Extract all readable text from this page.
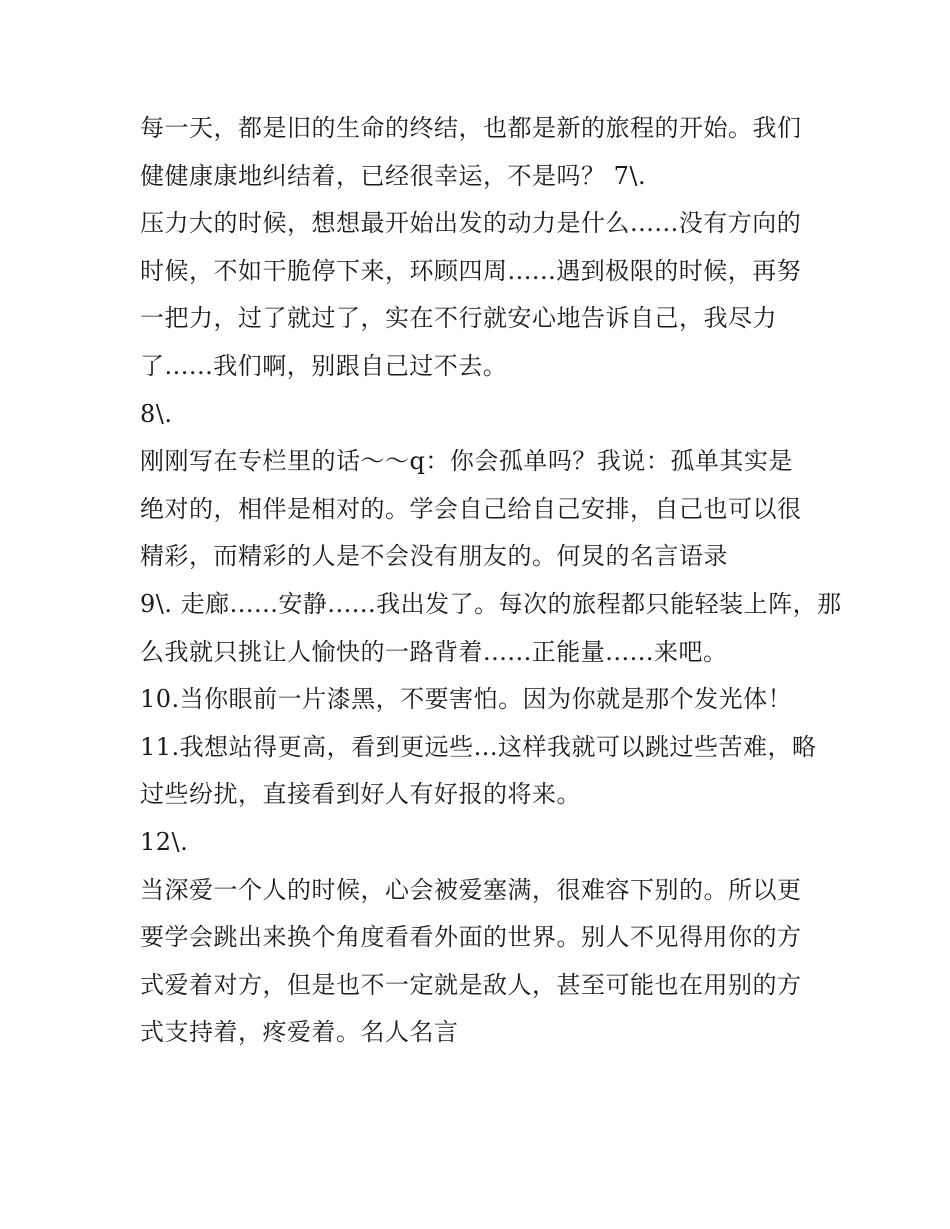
每一天，都是旧的生命的终结，也都是新的旅程的开始。我们
健健康康地纠结着，已经很幸运，不是吗？ 7\.
压力大的时候，想想最开始出发的动力是什么......没有方向的
时候，不如干脆停下来，环顾四周......遇到极限的时候，再努
一把力，过了就过了，实在不行就安心地告诉自己，我尽力
了......我们啊，别跟自己过不去。
8\.
刚刚写在专栏里的话～～q：你会孤单吗？我说：孤单其实是
绝对的，相伴是相对的。学会自己给自己安排，自己也可以很
精彩，而精彩的人是不会没有朋友的。何炅的名言语录
9\. 走廊......安静......我出发了。每次的旅程都只能轻装上阵，那
么我就只挑让人愉快的一路背着......正能量......来吧。
10.当你眼前一片漆黑，不要害怕。因为你就是那个发光体！
11.我想站得更高，看到更远些...这样我就可以跳过些苦难，略
过些纷扰，直接看到好人有好报的将来。
12\.
当深爱一个人的时候，心会被爱塞满，很难容下别的。所以更
要学会跳出来换个角度看看外面的世界。别人不见得用你的方
式爱着对方，但是也不一定就是敌人，甚至可能也在用别的方
式支持着，疼爱着。名人名言
